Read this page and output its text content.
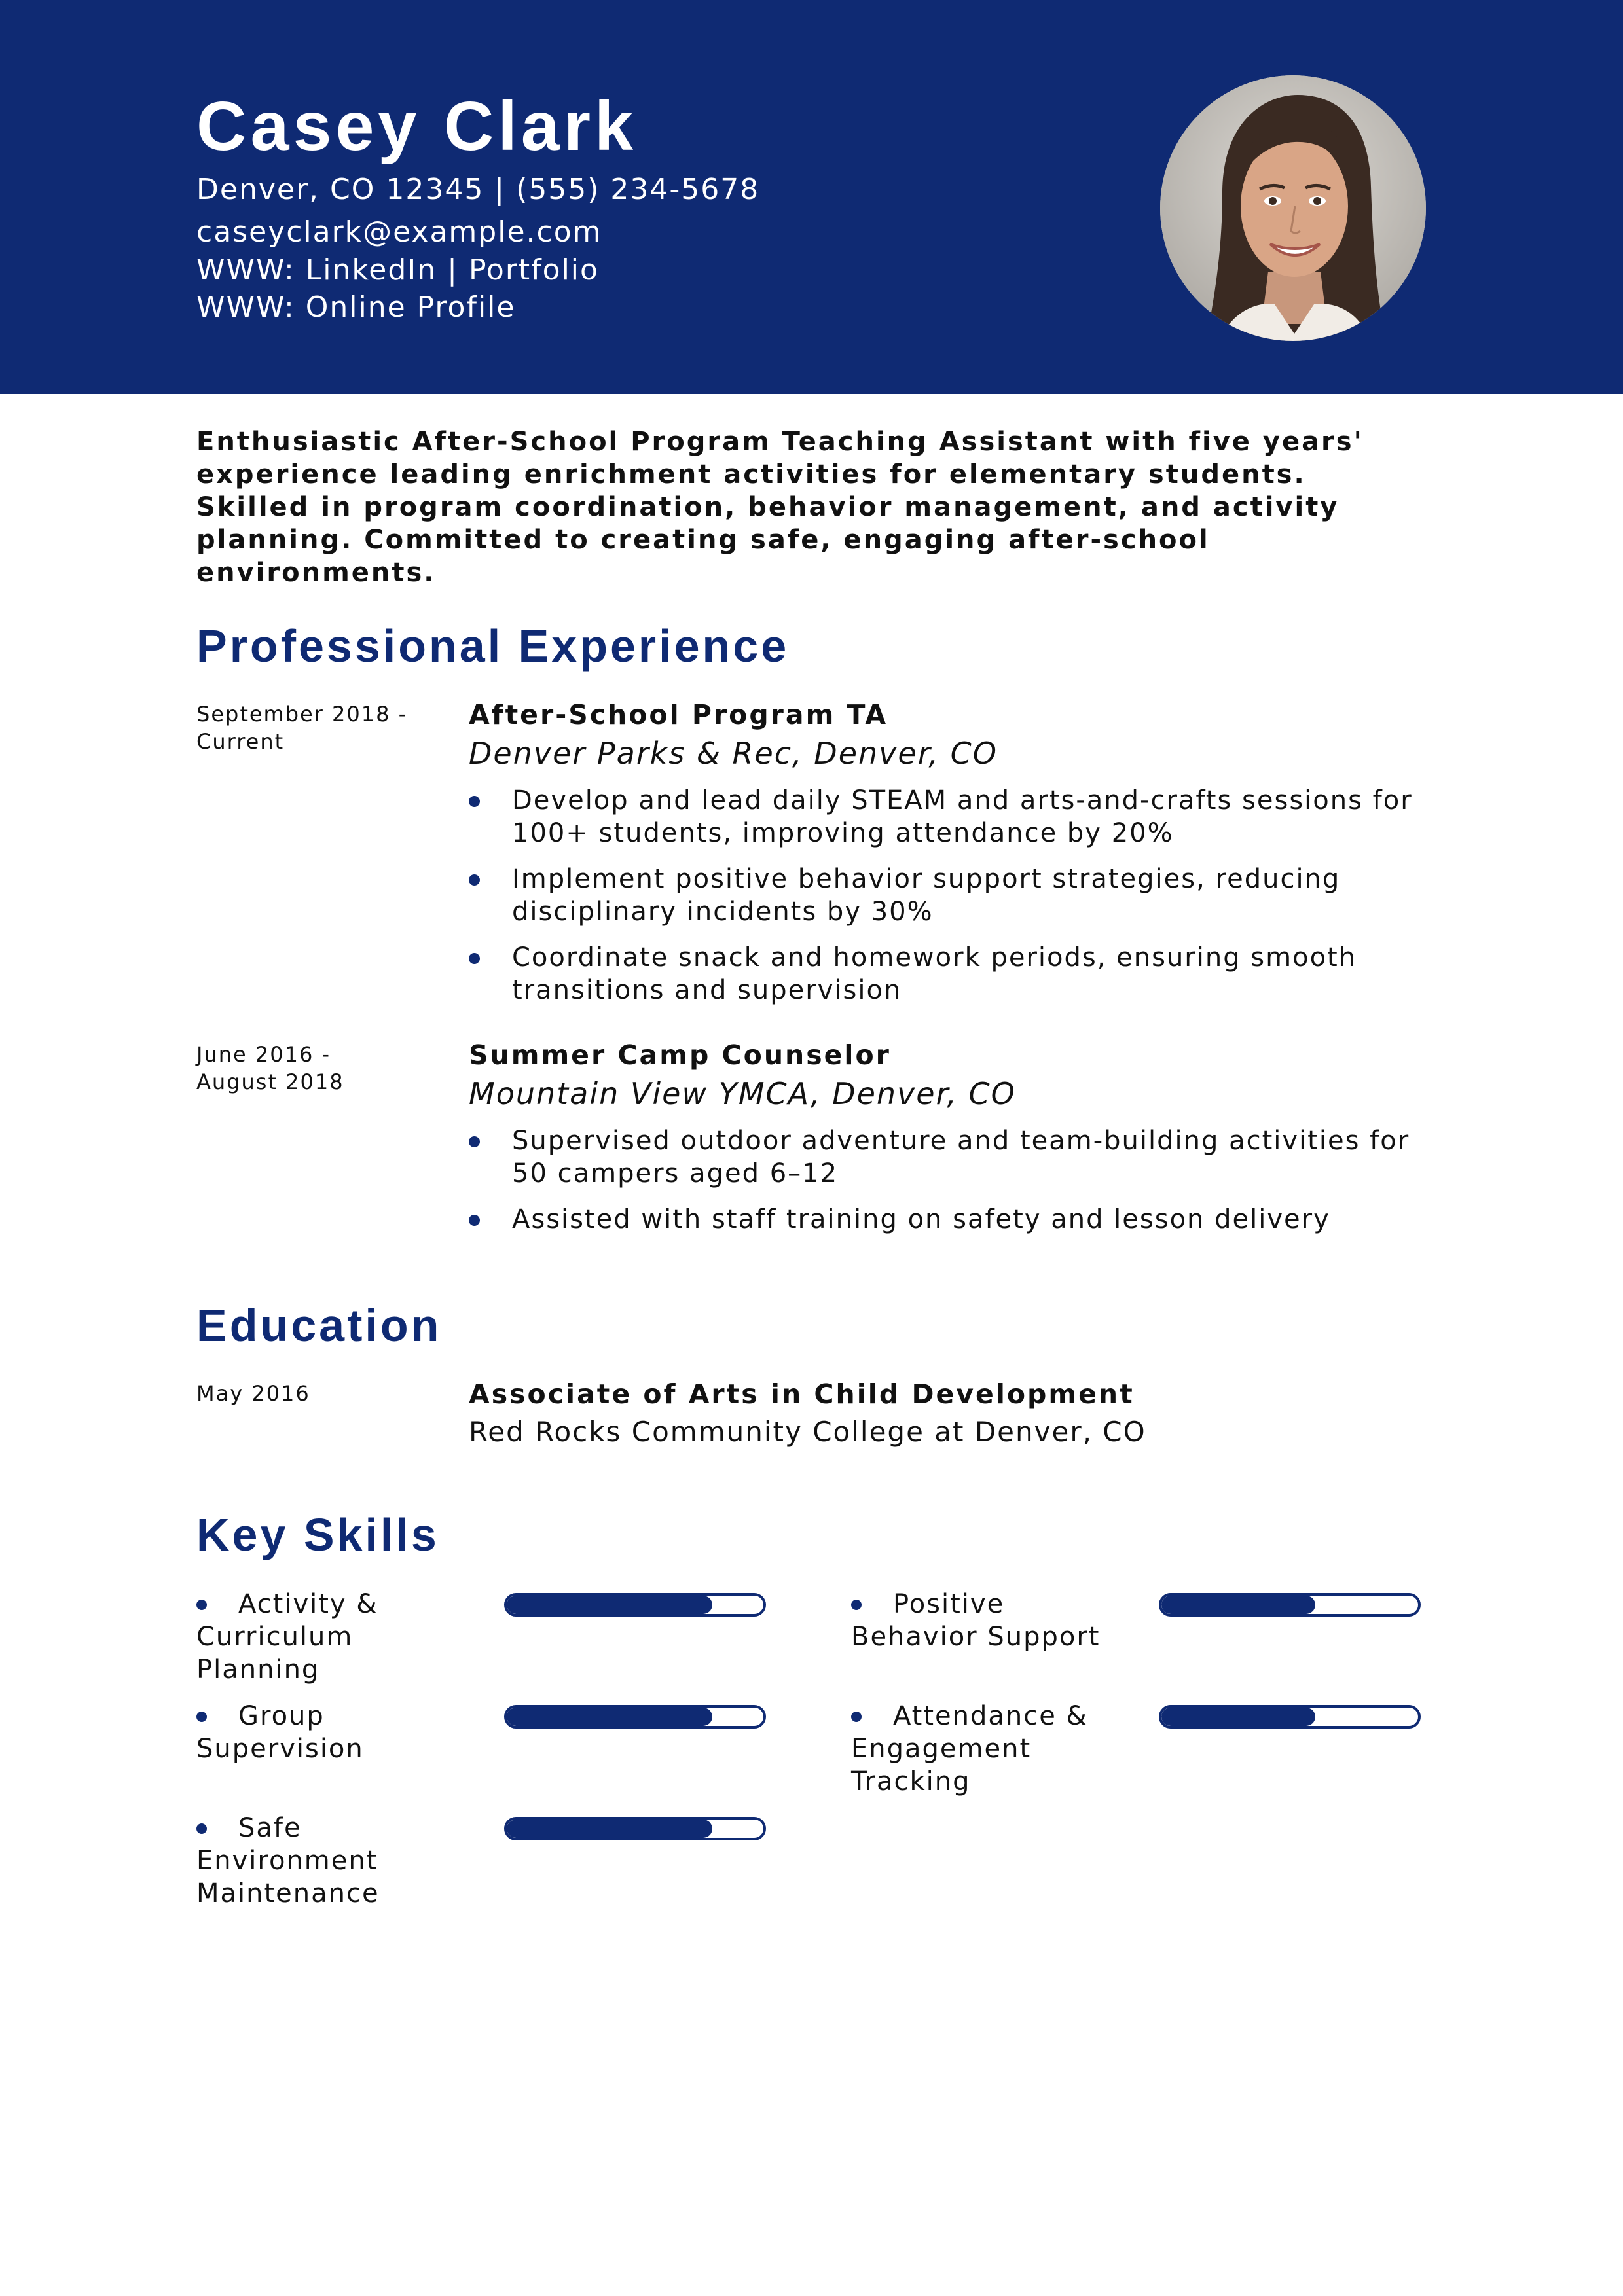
Casey Clark
Denver, CO 12345 | (555) 234-5678
caseyclark@example.com
WWW: LinkedIn | Portfolio
WWW: Online Profile
Enthusiastic After-School Program Teaching Assistant with five years' experience leading enrichment activities for elementary students. Skilled in program coordination, behavior management, and activity planning. Committed to creating safe, engaging after-school environments.
Professional Experience
September 2018 - Current
After-School Program TA
Denver Parks & Rec, Denver, CO
Develop and lead daily STEAM and arts-and-crafts sessions for 100+ students, improving attendance by 20%
Implement positive behavior support strategies, reducing disciplinary incidents by 30%
Coordinate snack and homework periods, ensuring smooth transitions and supervision
June 2016 - August 2018
Summer Camp Counselor
Mountain View YMCA, Denver, CO
Supervised outdoor adventure and team-building activities for 50 campers aged 6–12
Assisted with staff training on safety and lesson delivery
Education
May 2016	Associate of Arts in Child Development
Red Rocks Community College at Denver, CO
Key Skills
Activity & Curriculum Planning
Positive Behavior Support
Group Supervision
Attendance & Engagement Tracking
Safe Environment Maintenance
